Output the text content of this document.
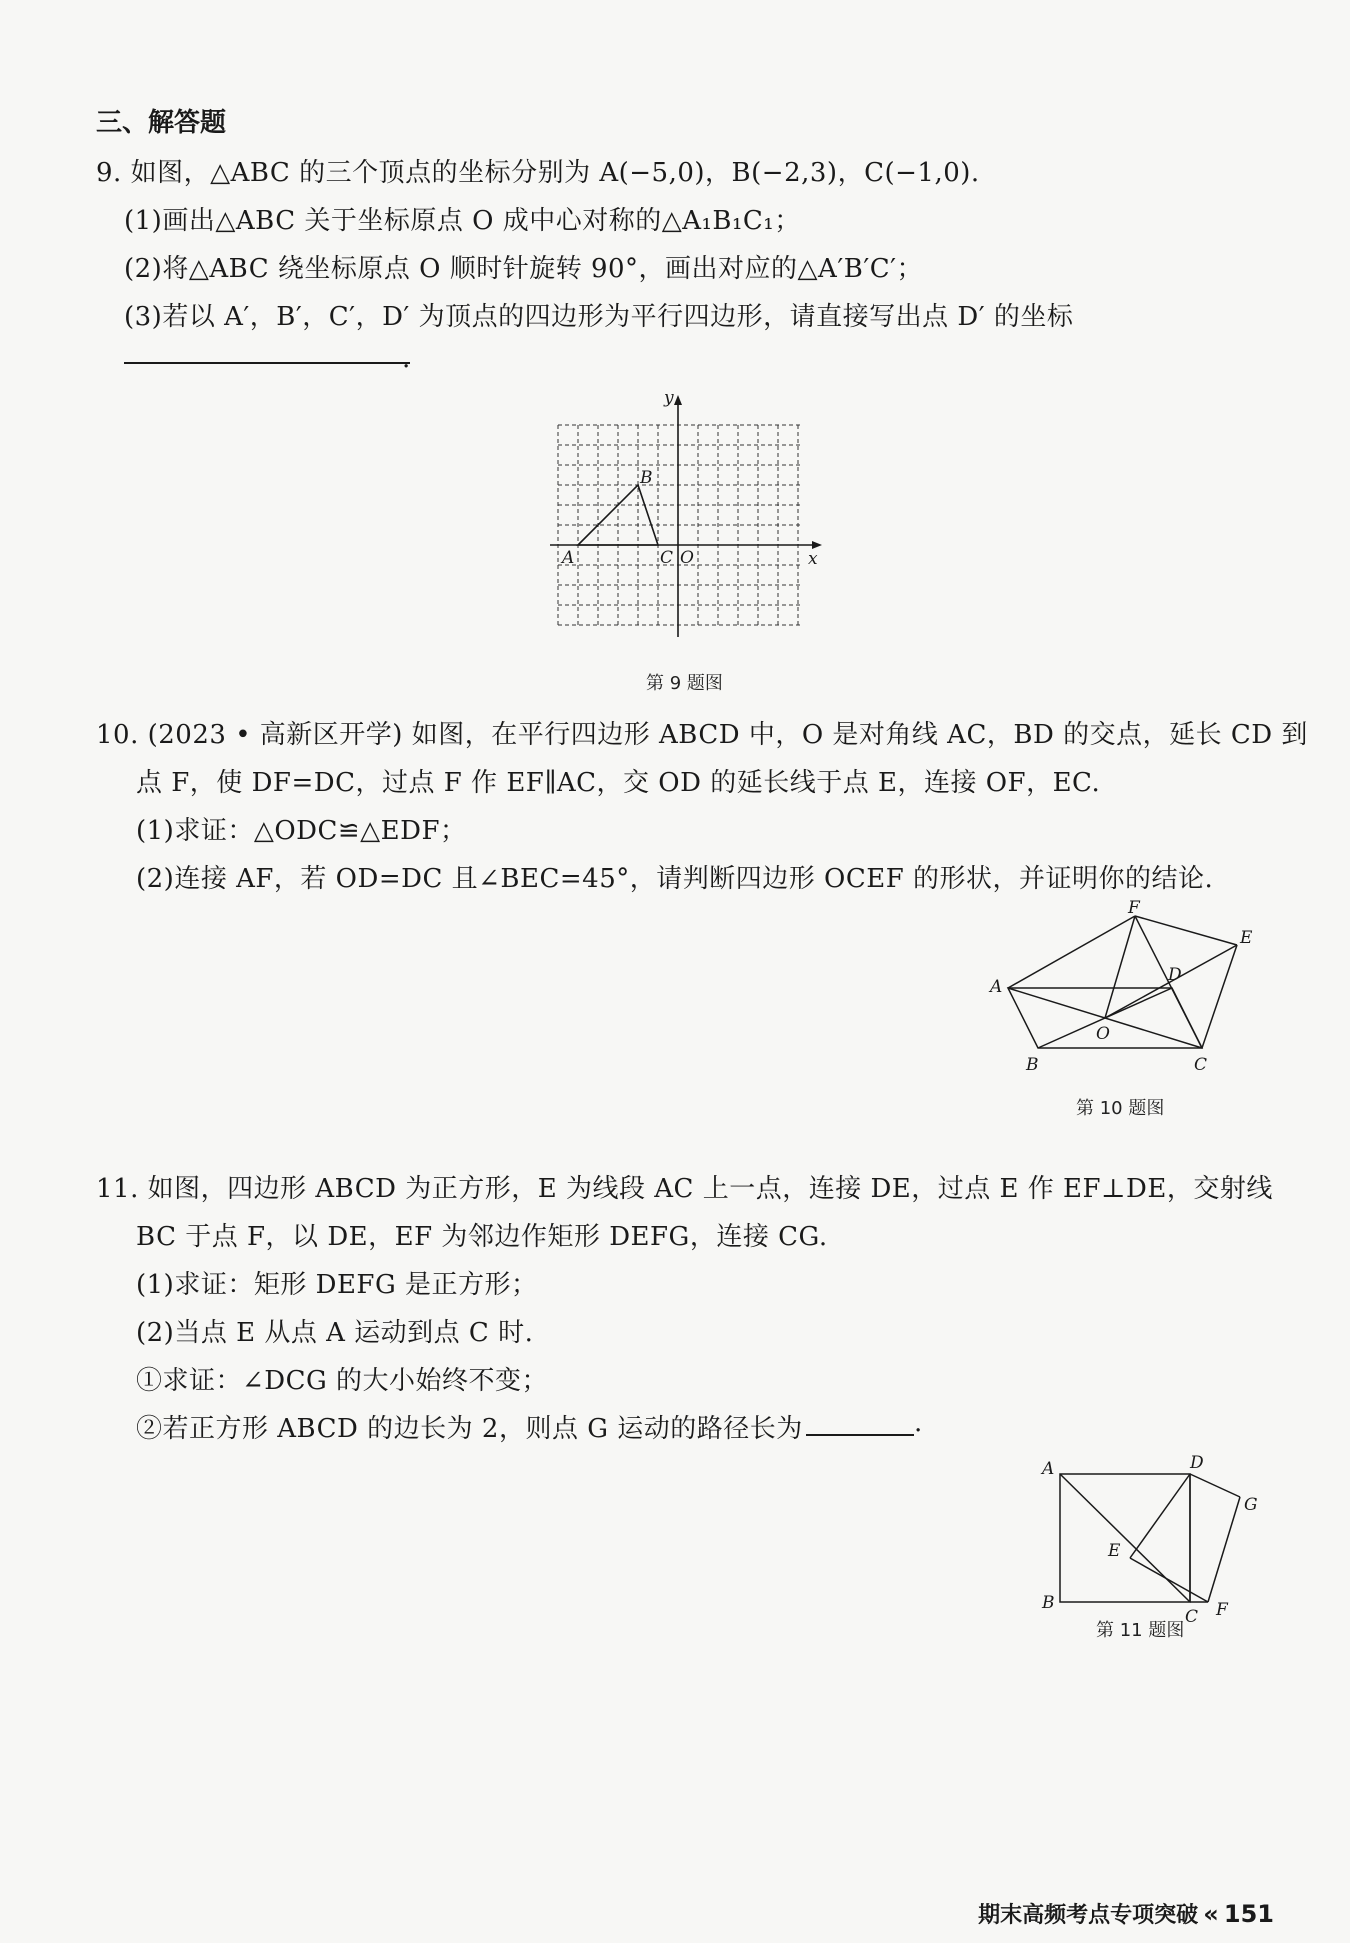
三、解答题
9. 如图，△ABC 的三个顶点的坐标分别为 A(−5,0)，B(−2,3)，C(−1,0).
(1)画出△ABC 关于坐标原点 O 成中心对称的△A₁B₁C₁；
(2)将△ABC 绕坐标原点 O 顺时针旋转 90°，画出对应的△A′B′C′；
(3)若以 A′，B′，C′，D′ 为顶点的四边形为平行四边形，请直接写出点 D′ 的坐标
.
y
x
A
B
C O
第 9 题图
10. (2023 • 高新区开学) 如图，在平行四边形 ABCD 中，O 是对角线 AC，BD 的交点，延长 CD 到
点 F，使 DF=DC，过点 F 作 EF∥AC，交 OD 的延长线于点 E，连接 OF，EC.
(1)求证：△ODC≌△EDF；
(2)连接 AF，若 OD=DC 且∠BEC=45°，请判断四边形 OCEF 的形状，并证明你的结论.
A
B	C
D
E
F
O
第 10 题图
11. 如图，四边形 ABCD 为正方形，E 为线段 AC 上一点，连接 DE，过点 E 作 EF⊥DE，交射线
BC 于点 F，以 DE，EF 为邻边作矩形 DEFG，连接 CG.
(1)求证：矩形 DEFG 是正方形；
(2)当点 E 从点 A 运动到点 C 时.
①求证：∠DCG 的大小始终不变；
②若正方形 ABCD 的边长为 2，则点 G 运动的路径长为	.
A
B
C
D
E
F
G
第 11 题图
期末高频考点专项突破 « 151
